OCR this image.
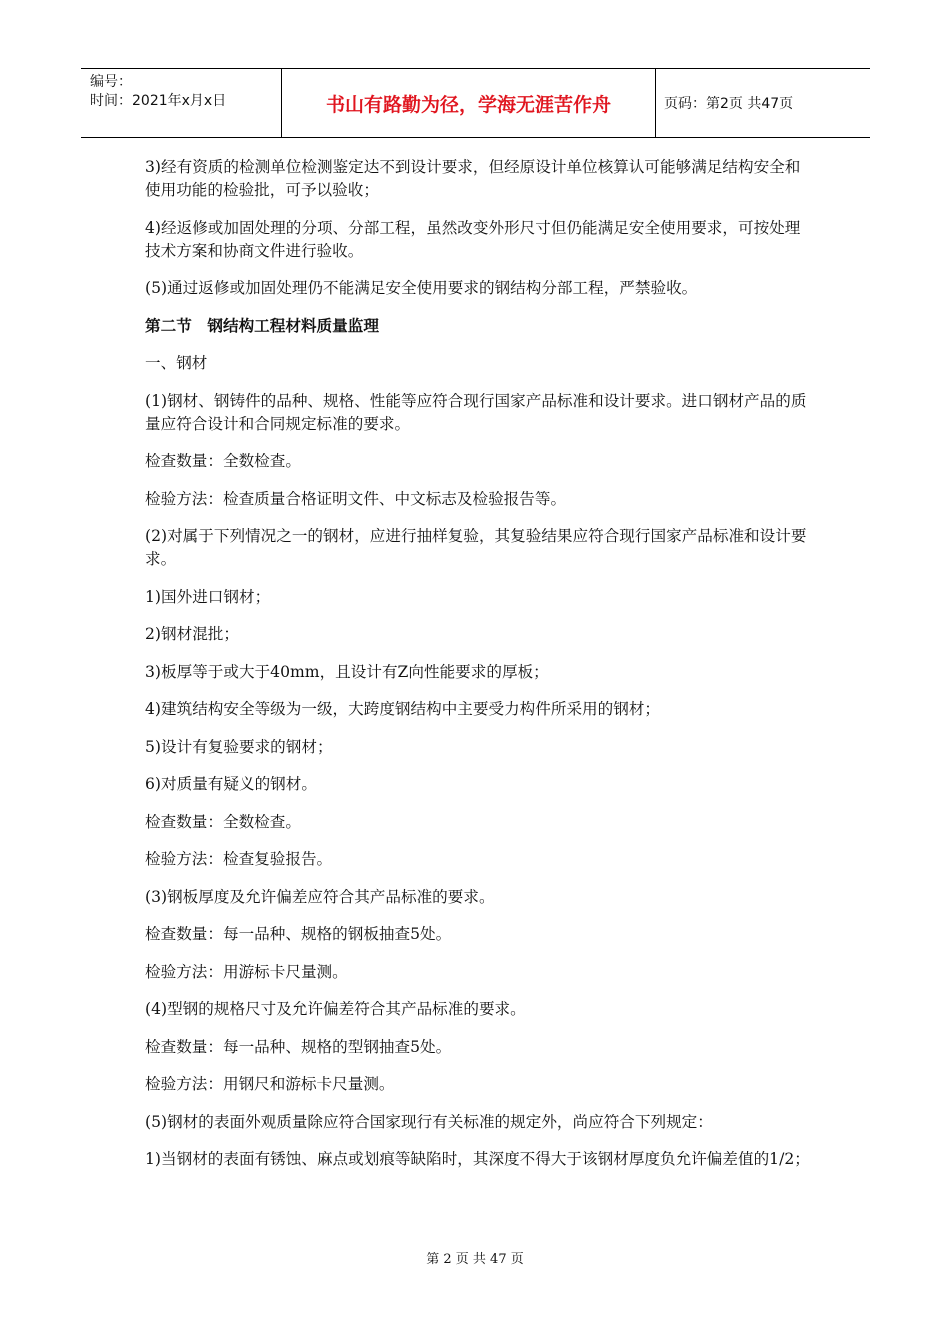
编号：
时间：2021年x月x日	书山有路勤为径，学海无涯苦作舟	页码：第2页 共47页

3)经有资质的检测单位检测鉴定达不到设计要求，但经原设计单位核算认可能够满足结构安全和使用功能的检验批，可予以验收；

4)经返修或加固处理的分项、分部工程，虽然改变外形尺寸但仍能满足安全使用要求，可按处理技术方案和协商文件进行验收。

(5)通过返修或加固处理仍不能满足安全使用要求的钢结构分部工程，严禁验收。

第二节　钢结构工程材料质量监理

一、钢材

(1)钢材、钢铸件的品种、规格、性能等应符合现行国家产品标准和设计要求。进口钢材产品的质量应符合设计和合同规定标准的要求。

检查数量：全数检查。

检验方法：检查质量合格证明文件、中文标志及检验报告等。

(2)对属于下列情况之一的钢材，应进行抽样复验，其复验结果应符合现行国家产品标准和设计要求。

1)国外进口钢材；

2)钢材混批；

3)板厚等于或大于40mm，且设计有Z向性能要求的厚板；

4)建筑结构安全等级为一级，大跨度钢结构中主要受力构件所采用的钢材；

5)设计有复验要求的钢材；

6)对质量有疑义的钢材。

检查数量：全数检查。

检验方法：检查复验报告。

(3)钢板厚度及允许偏差应符合其产品标准的要求。

检查数量：每一品种、规格的钢板抽查5处。

检验方法：用游标卡尺量测。

(4)型钢的规格尺寸及允许偏差符合其产品标准的要求。

检查数量：每一品种、规格的型钢抽查5处。

检验方法：用钢尺和游标卡尺量测。

(5)钢材的表面外观质量除应符合国家现行有关标准的规定外，尚应符合下列规定：

1)当钢材的表面有锈蚀、麻点或划痕等缺陷时，其深度不得大于该钢材厚度负允许偏差值的1/2；

第 2 页 共 47 页
